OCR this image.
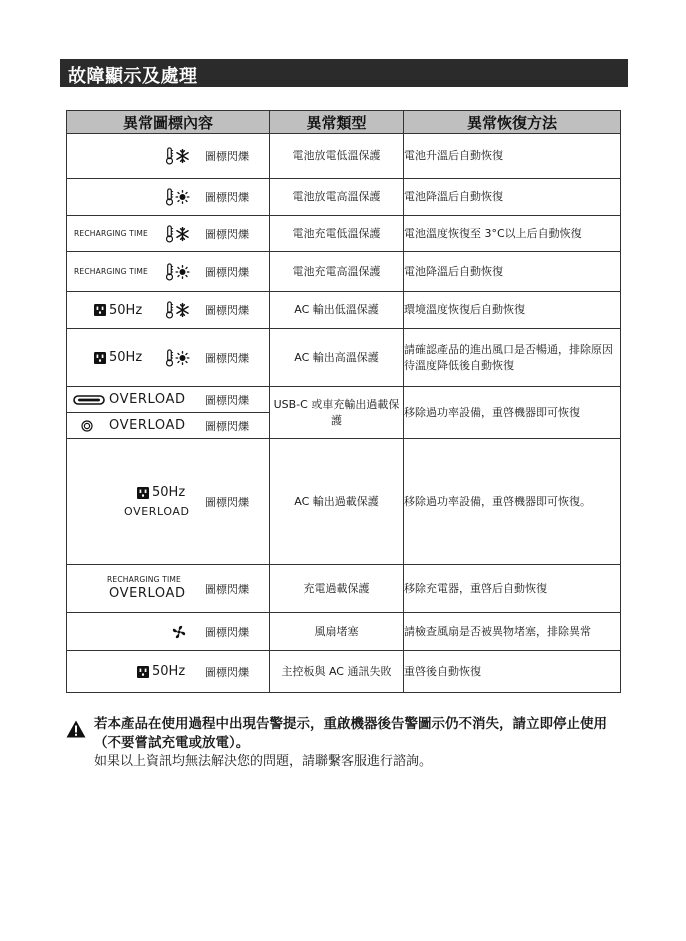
故障顯示及處理
異常圖標內容	異常類型	異常恢復方法

圖標閃爍	電池放電低溫保護	電池升溫后自動恢復

圖標閃爍	電池放電高溫保護	電池降溫后自動恢復

RECHARGING TIME 圖標閃爍	電池充電低溫保護	電池溫度恢復至 3°C以上后自動恢復

RECHARGING TIME 圖標閃爍	電池充電高溫保護	電池降溫后自動恢復

50Hz 圖標閃爍	AC 輸出低溫保護	環境溫度恢復后自動恢復

50Hz 圖標閃爍	AC 輸出高溫保護	請確認產品的進出風口是否暢通，排除原因待溫度降低後自動恢復

OVERLOAD 圖標閃爍
OVERLOAD 圖標閃爍	USB-C 或車充輸出過載保護	移除過功率設備，重啓機器即可恢復

50Hz
OVERLOAD
圖標閃爍	AC 輸出過載保護	移除過功率設備，重啓機器即可恢復。

RECHARGING TIME
OVERLOAD 圖標閃爍	充電過載保護	移除充電器，重啓后自動恢復

圖標閃爍	風扇堵塞	請檢查風扇是否被異物堵塞，排除異常

50Hz 圖標閃爍	主控板與 AC 通訊失敗	重啓後自動恢復
若本產品在使用過程中出現告警提示，重啟機器後告警圖示仍不消失，請立即停止使用（不要嘗試充電或放電）。
如果以上資訊均無法解決您的問題，請聯繫客服進行諮詢。
